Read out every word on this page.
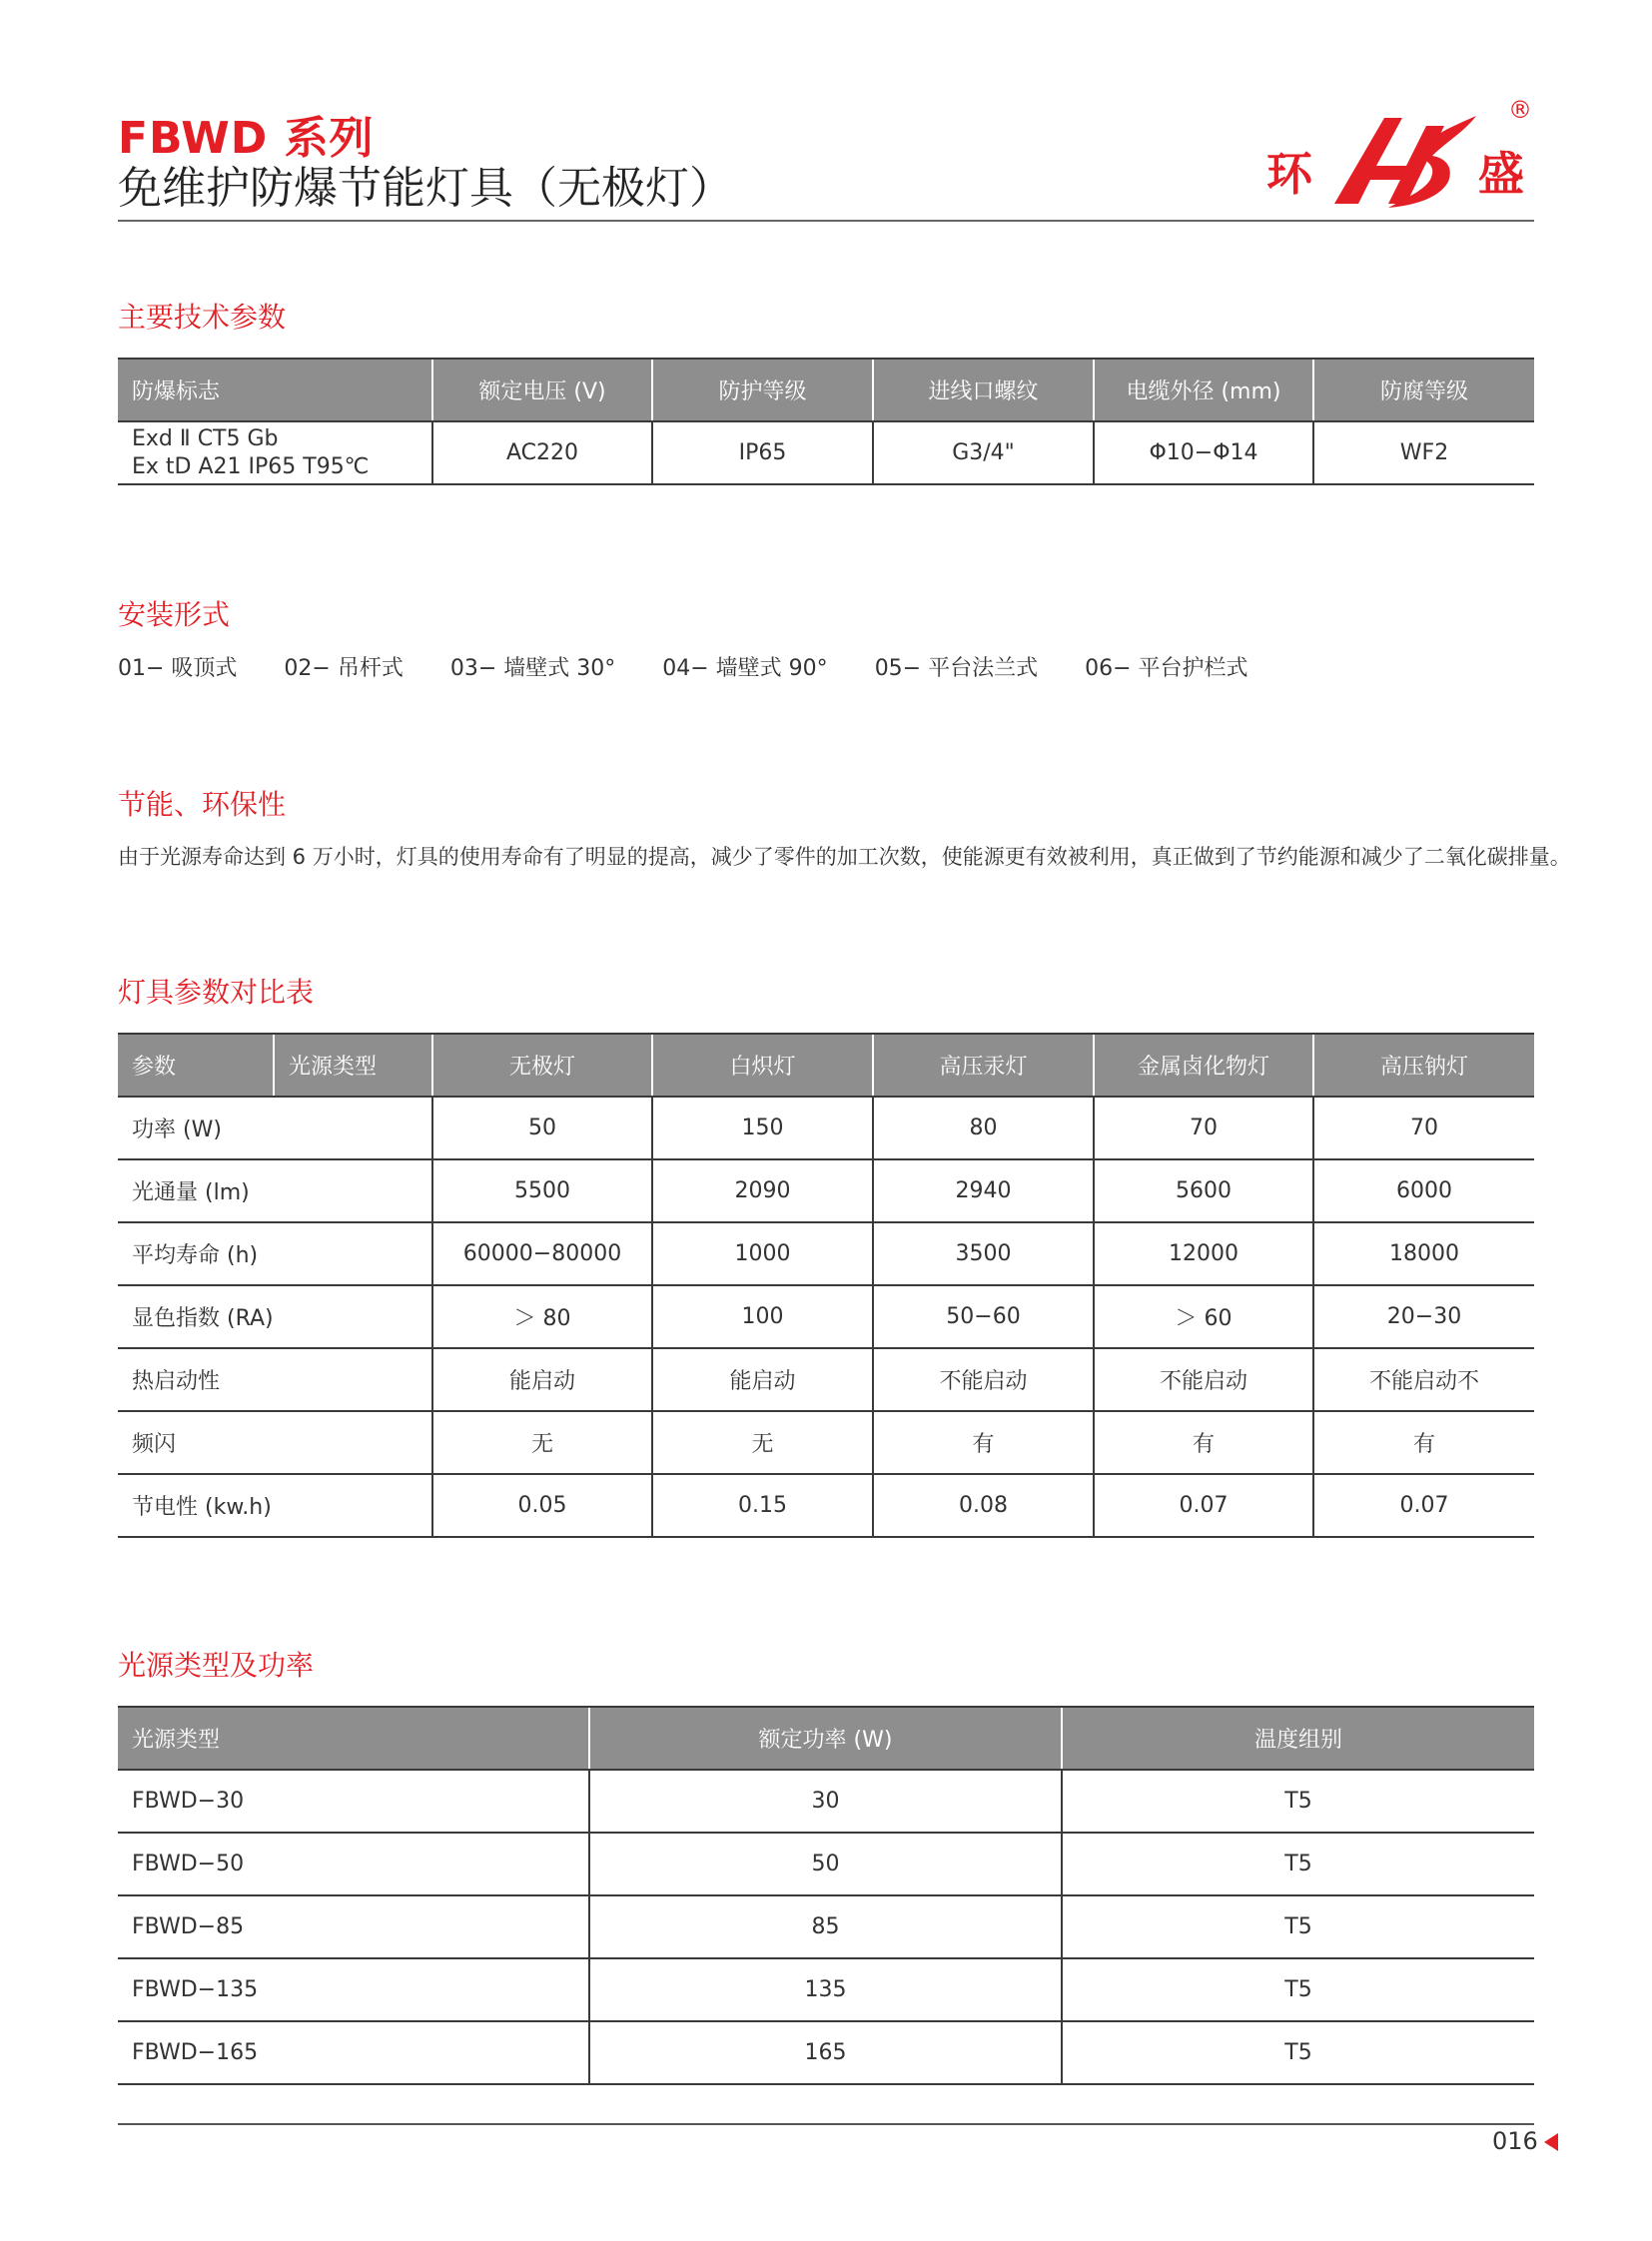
FBWD 系列
免维护防爆节能灯具（无极灯）	环	盛
®
主要技术参数
防爆标志	额定电压 (V)	防护等级	进线口螺纹	电缆外径 (mm)	防腐等级

Exd Ⅱ CT5 Gb
Ex tD A21 IP65 T95℃	AC220	IP65	G3/4"	Φ10−Φ14	WF2
安装形式
01− 吸顶式 02− 吊杆式 03− 墙壁式 30° 04− 墙壁式 90° 05− 平台法兰式 06− 平台护栏式
节能、环保性
由于光源寿命达到 6 万小时，灯具的使用寿命有了明显的提高，减少了零件的加工次数，使能源更有效被利用，真正做到了节约能源和减少了二氧化碳排量。
灯具参数对比表
参数	光源类型	无极灯	白炽灯	高压汞灯	金属卤化物灯	高压钠灯
功率 (W)		50	150	80	70	70
光通量 (lm)		5500	2090	2940	5600	6000
平均寿命 (h)		60000−80000	1000	3500	12000	18000
显色指数 (RA)		＞ 80	100	50−60	＞ 60	20−30
热启动性		能启动	能启动	不能启动	不能启动	不能启动不
频闪		无	无	有	有	有
节电性 (kw.h)		0.05	0.15	0.08	0.07	0.07
光源类型及功率
光源类型	额定功率 (W)	温度组别
FBWD−30	30	T5
FBWD−50	50	T5
FBWD−85	85	T5
FBWD−135	135	T5
FBWD−165	165	T5
016
